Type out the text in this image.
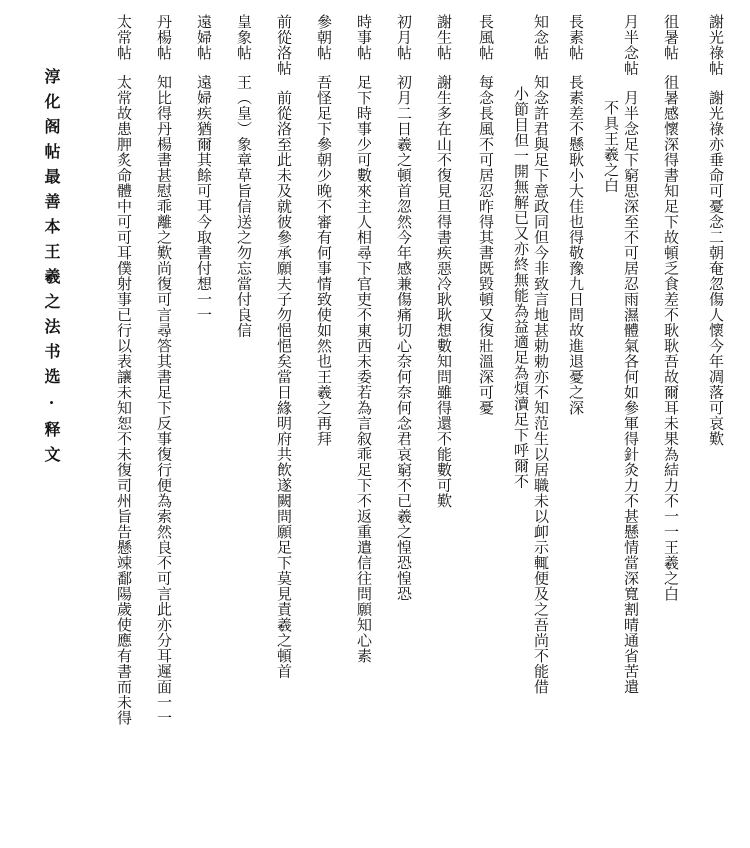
謝光祿帖謝光祿亦垂命可憂念二朝奄忽傷人懷今年凋落可哀歎
徂暑帖徂暑感懷深得書知足下故頓乏食差不耿耿吾故爾耳未果為結力不一一王羲之白
月半念帖月半念足下窮思深至不可居忍雨濕體氣各何如參軍得針灸力不甚懸情當深寬割晴通省苦遣
不具王羲之白
長素帖長素差不懸耿小大佳也得敬豫九日問故進退憂之深
知念帖知念許君與足下意政同但今非致言地甚勅勅亦不知范生以居職未以卹示輒便及之吾尚不能借
小節目但一開無解已又亦終無能為益適足為煩瀆足下呼爾不
長風帖每念長風不可居忍昨得其書既毀頓又復壯溫深可憂
謝生帖謝生多在山不復見旦得書疾惡冷耿耿想數知問雖得還不能數可歎
初月帖初月二日羲之頓首忽然今年感兼傷痛切心奈何奈何念君哀窮不已羲之惶恐惶恐
時事帖足下時事少可數來主人相尋下官吏不東西未委若為言叙乖足下不返重遣信往問願知心素
參朝帖吾怪足下參朝少晚不審有何事情致使如然也王羲之再拜
前從洛帖前從洛至此未及就彼參承願夫子勿悒悒矣當日緣明府共飲遂闕問願足下莫見責羲之頓首
皇象帖王（皇）象章草旨信送之勿忘當付良信
遠婦帖遠婦疾猶爾其餘可耳今取書付想一一
丹楊帖知比得丹楊書甚慰乖離之歎尚復可言尋答其書足下反事復行便為索然良不可言此亦分耳遲面一一
太常帖太常故患胛炙命體中可可耳僕射事已行以表讓未知恕不未復司州旨告懸竦鄱陽歲使應有書而未得
淳化阁帖最善本王羲之法书选·释文
